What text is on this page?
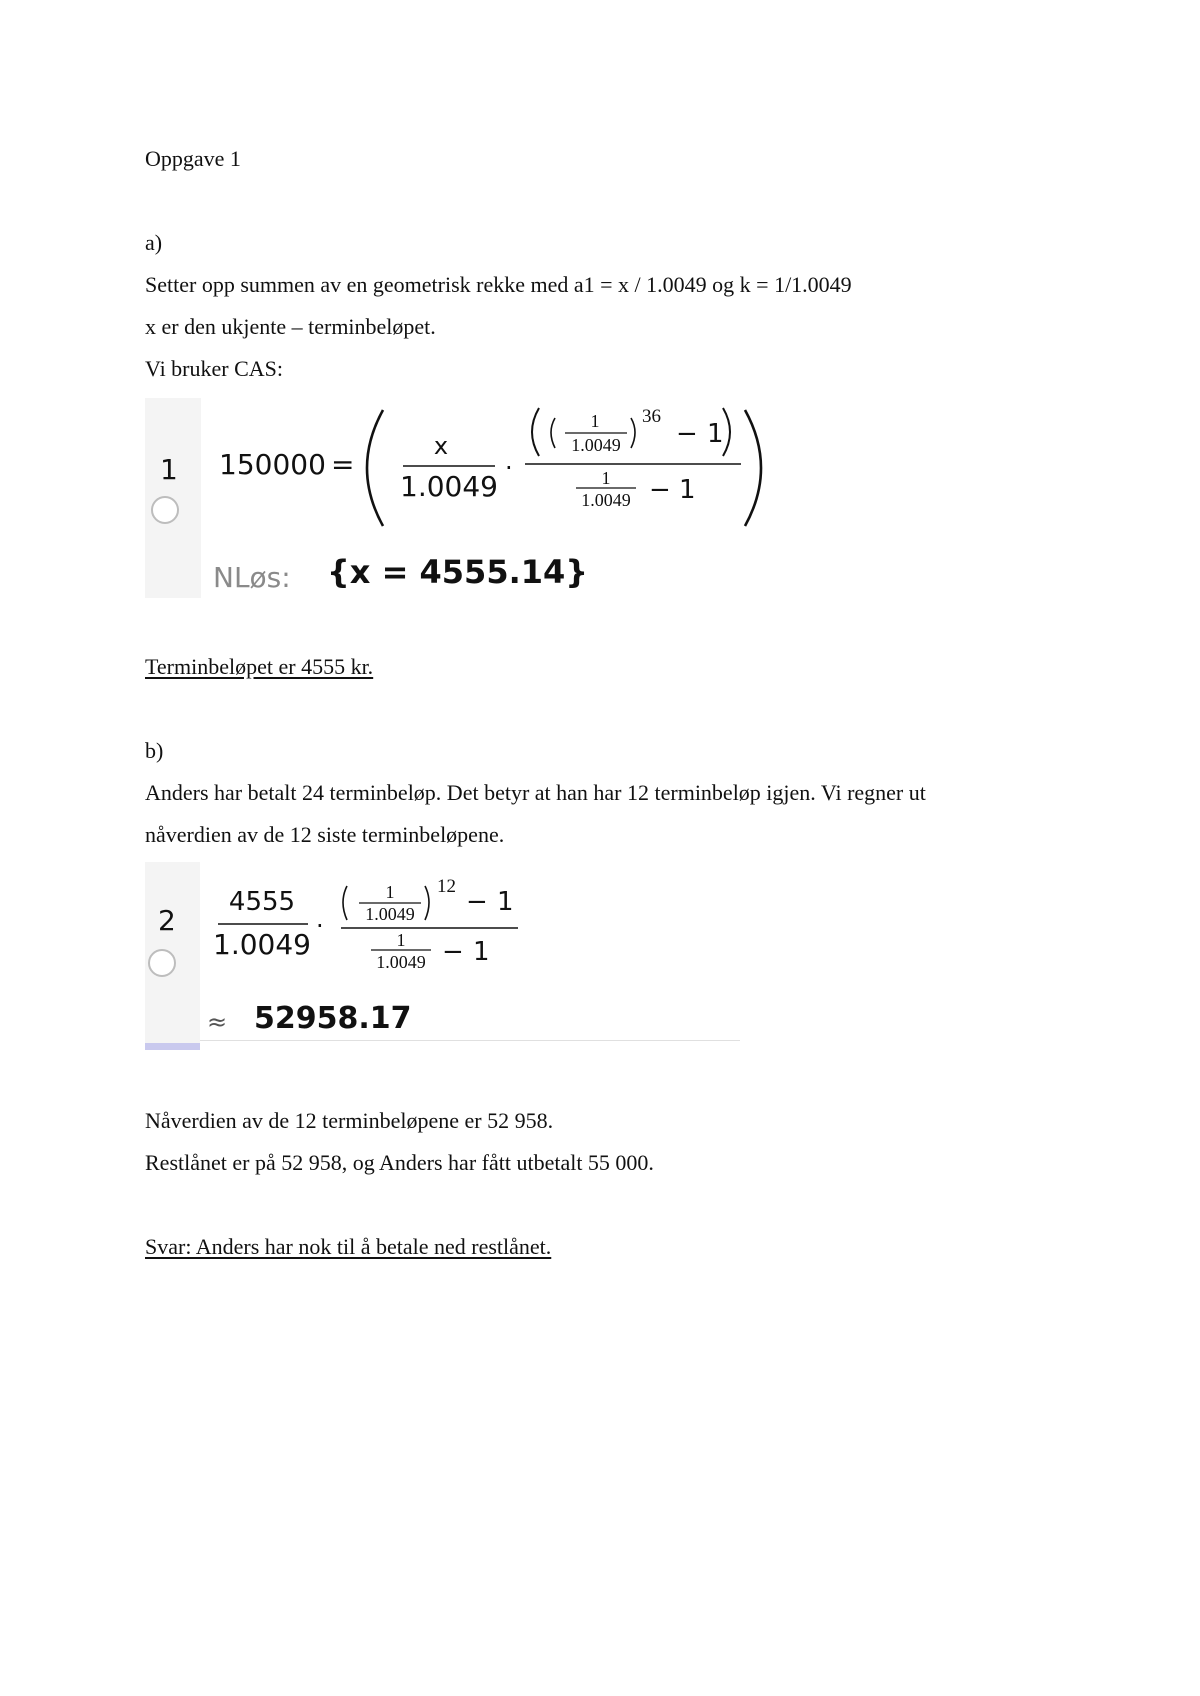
Oppgave 1
a)
Setter opp summen av en geometrisk rekke med a1 = x / 1.0049 og k = 1/1.0049
x er den ukjente – terminbeløpet.
Vi bruker CAS:
1 150000 =
x
1.0049
·
1
1.0049
36
− 1
1
1.0049 − 1
NLøs: {x = 4555.14}
Terminbeløpet er 4555 kr.
b)
Anders har betalt 24 terminbeløp. Det betyr at han har 12 terminbeløp igjen. Vi regner ut
nåverdien av de 12 siste terminbeløpene.
2
4555
1.0049
·
1
1.0049
12
− 1
1
1.0049 − 1
≈ 52958.17
Nåverdien av de 12 terminbeløpene er 52 958.
Restlånet er på 52 958, og Anders har fått utbetalt 55 000.
Svar: Anders har nok til å betale ned restlånet.
